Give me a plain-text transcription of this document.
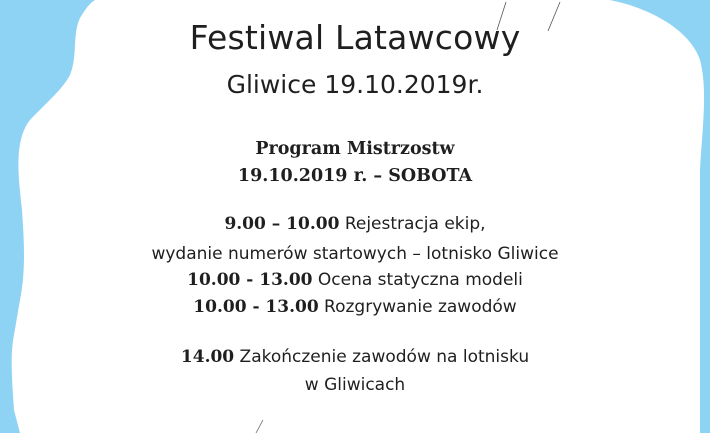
Festiwal Latawcowy
Gliwice 19.10.2019r.
Program Mistrzostw
19.10.2019 r. – SOBOTA
9.00 – 10.00 Rejestracja ekip,
wydanie numerów startowych – lotnisko Gliwice
10.00 - 13.00 Ocena statyczna modeli
10.00 - 13.00 Rozgrywanie zawodów
14.00 Zakończenie zawodów na lotnisku
w Gliwicach
